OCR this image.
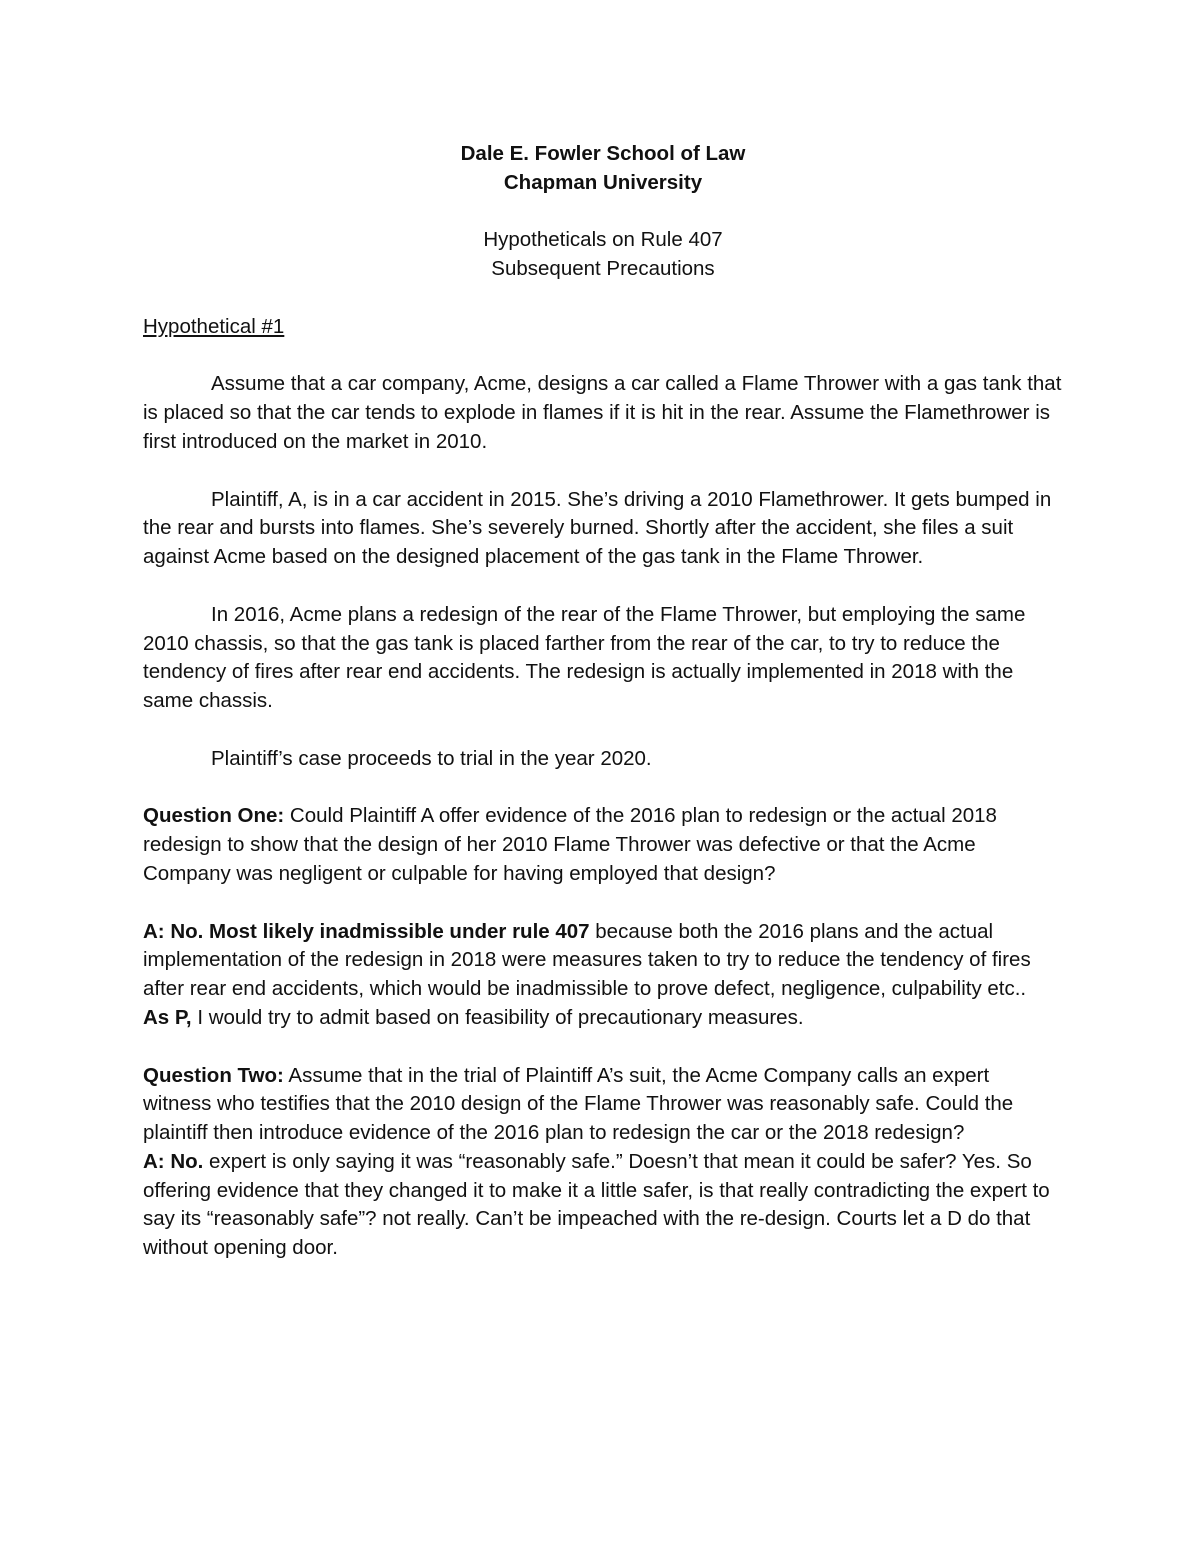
Dale E. Fowler School of Law

Chapman University

Hypotheticals on Rule 407

Subsequent Precautions

Hypothetical #1

Assume that a car company, Acme, designs a car called a Flame Thrower with a gas tank that is placed so that the car tends to explode in flames if it is hit in the rear. Assume the Flamethrower is first introduced on the market in 2010.

Plaintiff, A, is in a car accident in 2015. She’s driving a 2010 Flamethrower. It gets bumped in the rear and bursts into flames. She’s severely burned. Shortly after the accident, she files a suit against Acme based on the designed placement of the gas tank in the Flame Thrower.

In 2016, Acme plans a redesign of the rear of the Flame Thrower, but employing the same 2010 chassis, so that the gas tank is placed farther from the rear of the car, to try to reduce the tendency of fires after rear end accidents. The redesign is actually implemented in 2018 with the same chassis.

Plaintiff’s case proceeds to trial in the year 2020.

Question One: Could Plaintiff A offer evidence of the 2016 plan to redesign or the actual 2018 redesign to show that the design of her 2010 Flame Thrower was defective or that the Acme Company was negligent or culpable for having employed that design?

A: No. Most likely inadmissible under rule 407 because both the 2016 plans and the actual implementation of the redesign in 2018 were measures taken to try to reduce the tendency of fires after rear end accidents, which would be inadmissible to prove defect, negligence, culpability etc..

As P, I would try to admit based on feasibility of precautionary measures.

Question Two: Assume that in the trial of Plaintiff A’s suit, the Acme Company calls an expert witness who testifies that the 2010 design of the Flame Thrower was reasonably safe. Could the plaintiff then introduce evidence of the 2016 plan to redesign the car or the 2018 redesign?

A: No. expert is only saying it was “reasonably safe.” Doesn’t that mean it could be safer? Yes. So offering evidence that they changed it to make it a little safer, is that really contradicting the expert to say its “reasonably safe”? not really. Can’t be impeached with the re-design. Courts let a D do that without opening door.
